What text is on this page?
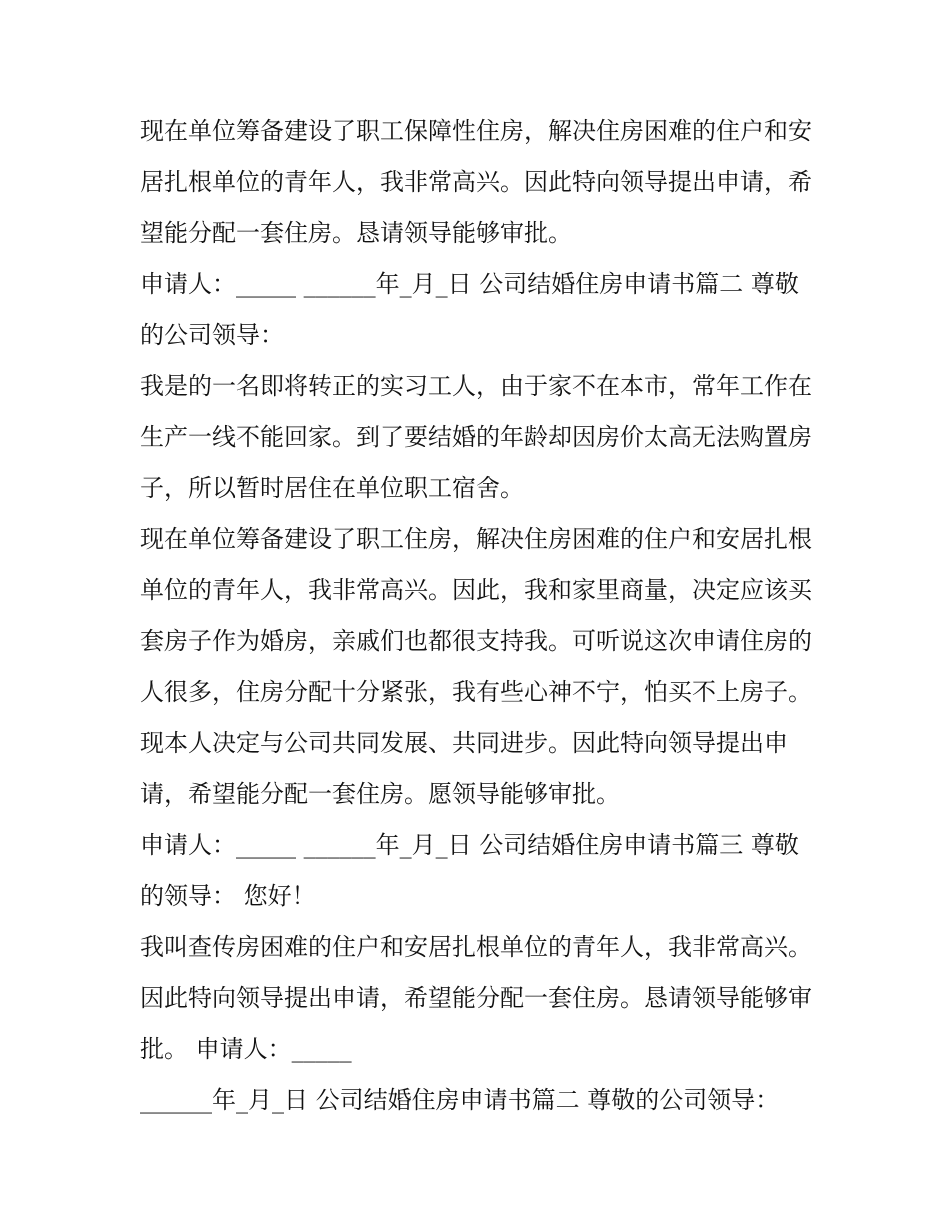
现在单位筹备建设了职工保障性住房，解决住房困难的住户和安居扎根单位的青年人，我非常高兴。因此特向领导提出申请，希望能分配一套住房。恳请领导能够审批。

申请人：_____ ______年_月_日 公司结婚住房申请书篇二 尊敬的公司领导：

我是的一名即将转正的实习工人，由于家不在本市，常年工作在生产一线不能回家。到了要结婚的年龄却因房价太高无法购置房子，所以暂时居住在单位职工宿舍。

现在单位筹备建设了职工住房，解决住房困难的住户和安居扎根单位的青年人，我非常高兴。因此，我和家里商量，决定应该买套房子作为婚房，亲戚们也都很支持我。可听说这次申请住房的人很多，住房分配十分紧张，我有些心神不宁，怕买不上房子。现本人决定与公司共同发展、共同进步。因此特向领导提出申请，希望能分配一套住房。愿领导能够审批。

申请人：_____ ______年_月_日 公司结婚住房申请书篇三 尊敬的领导： 您好！

我叫查传房困难的住户和安居扎根单位的青年人，我非常高兴。因此特向领导提出申请，希望能分配一套住房。恳请领导能够审批。 申请人：_____

______年_月_日 公司结婚住房申请书篇二 尊敬的公司领导：
